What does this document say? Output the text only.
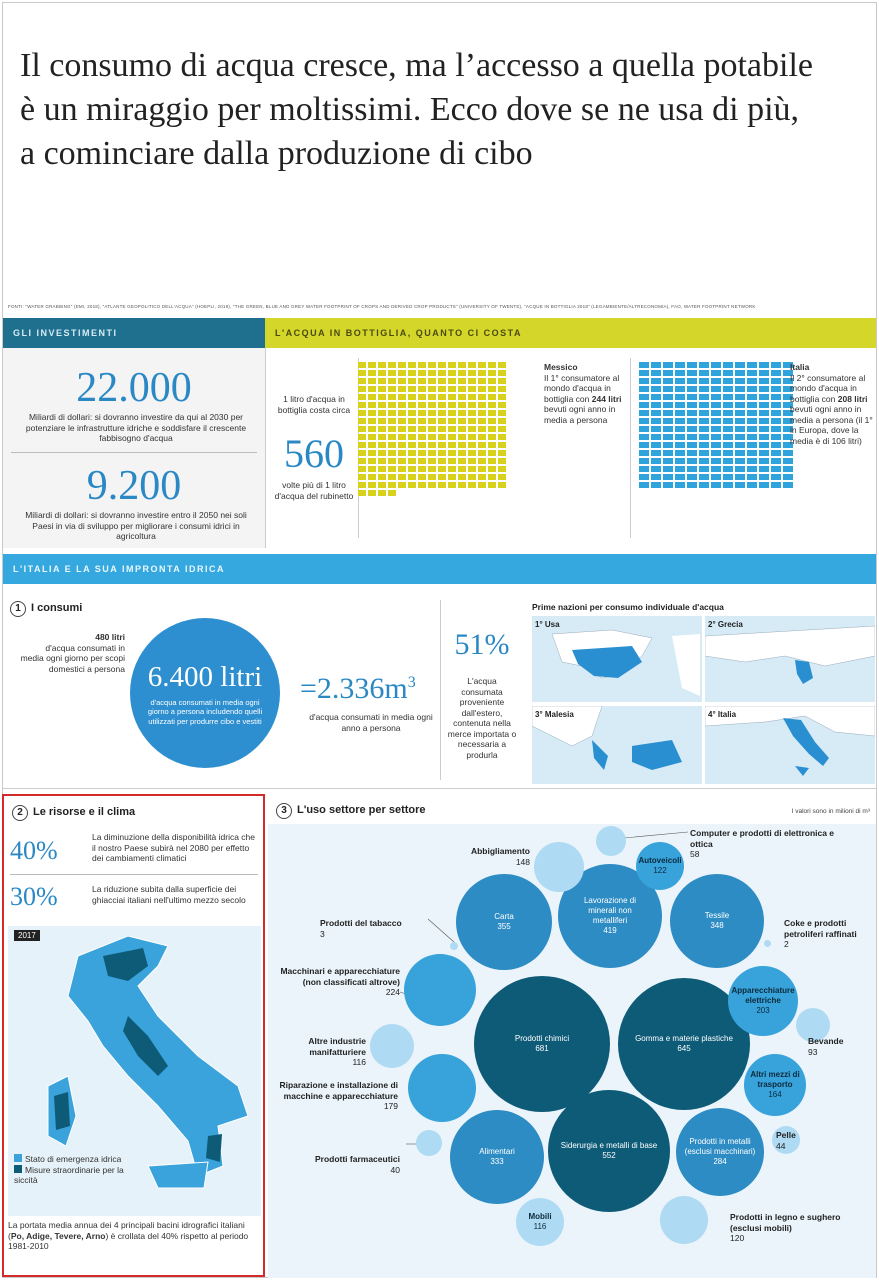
Il consumo di acqua cresce, ma l’accesso a quella potabile è un miraggio per moltissimi. Ecco dove se ne usa di più, a cominciare dalla produzione di cibo
FONTI: "WATER GRABBING" (EMI, 2018), "ATLANTE GEOPOLITICO DELL'ACQUA" (HOEPLI, 2019), "THE GREEN, BLUE AND GREY WATER FOOTPRINT OF CROPS AND DERIVED CROP PRODUCTS" (UNIVERSITY OF TWENTE), "ACQUE IN BOTTIGLIA 2018" (LEGAMBIENTE/ALTRECONOMIA), FAO, WATER FOOTPRINT NETWORK
GLI INVESTIMENTI	L'ACQUA IN BOTTIGLIA, QUANTO CI COSTA
22.000
Miliardi di dollari: si dovranno investire da qui al 2030 per potenziare le infrastrutture idriche e soddisfare il crescente fabbisogno d'acqua
9.200
Miliardi di dollari: si dovranno investire entro il 2050 nei soli Paesi in via di sviluppo per migliorare i consumi idrici in agricoltura
1 litro d'acqua in bottiglia costa circa
560
volte più di 1 litro d'acqua del rubinetto
Messico
Il 1° consumatore al mondo d'acqua in bottiglia con 244 litri bevuti ogni anno in media a persona
Italia
Il 2° consumatore al mondo d'acqua in bottiglia con 208 litri bevuti ogni anno in media a persona (il 1° in Europa, dove la media è di 106 litri)
L'ITALIA E LA SUA IMPRONTA IDRICA
1 I consumi
480 litri
d'acqua consumati in media ogni giorno per scopi domestici a persona 6.400 litri
d'acqua consumati in media ogni giorno a persona includendo quelli utilizzati per produrre cibo e vestiti
$=2.336m^3$
d'acqua consumati in media ogni anno a persona
51%
L'acqua consumata proveniente dall'estero, contenuta nella merce importata o necessaria a produrla
Prime nazioni per consumo individuale d'acqua
1° Usa	2° Grecia
3° Malesia	4° Italia
2 Le risorse e il clima
40%	La diminuzione della disponibilità idrica che il nostro Paese subirà nel 2080 per effetto dei cambiamenti climatici
30%	La riduzione subita dalla superficie dei ghiacciai italiani nell'ultimo mezzo secolo
2017
Stato di emergenza idrica
Misure straordinarie per la siccità
La portata media annua dei 4 principali bacini idrografici italiani (Po, Adige, Tevere, Arno) è crollata del 40% rispetto al periodo 1981-2010
3 L'uso settore per settore	I valori sono in milioni di m³
Prodotti chimici
681
Gomma e materie plastiche
645
Siderurgia e metalli di base
552
Lavorazione di minerali non metalliferi
419
Carta
355
Tessile
348
Alimentari
333
Prodotti in metalli (esclusi macchinari)
284
Apparecchiature elettriche
203
Altri mezzi di trasporto
164
Autoveicoli
122
Mobili
116
Abbigliamento
148
Computer e prodotti di elettronica e ottica
58
Prodotti del tabacco
3
Coke e prodotti petroliferi raffinati
2
Macchinari e apparecchiature (non classificati altrove)
224
Altre industrie manifatturiere
116
Riparazione e installazione di macchine e apparecchiature
179
Prodotti farmaceutici
40
Bevande
93
Pelle
44
Prodotti in legno e sughero (esclusi mobili)
120
